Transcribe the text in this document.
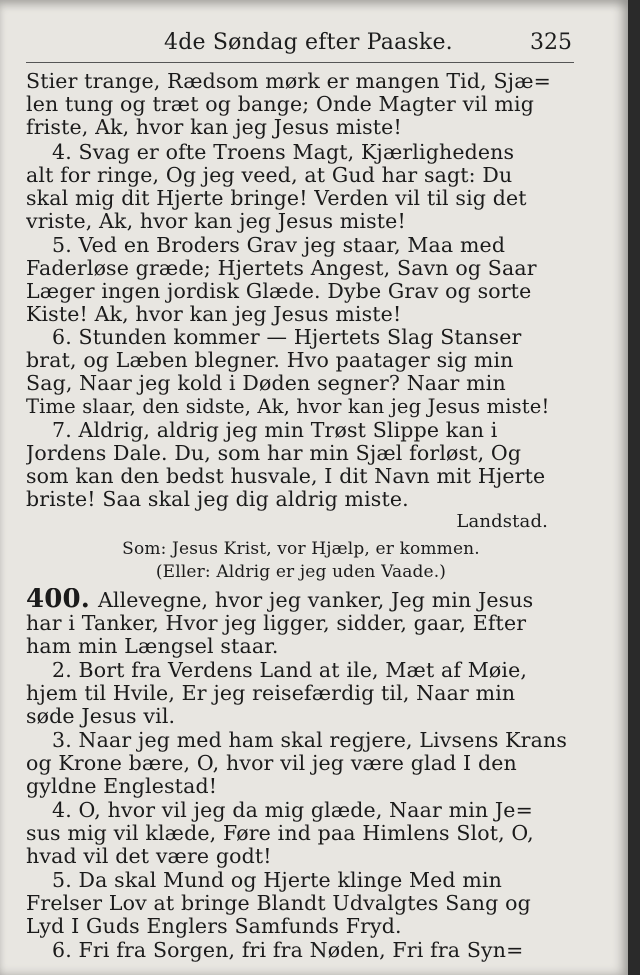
4de Søndag efter Paaske.	325
Stier trange, Rædsom mørk er mangen Tid, Sjæ=
len tung og træt og bange; Onde Magter vil mig
friste, Ak, hvor kan jeg Jesus miste!
4. Svag er ofte Troens Magt, Kjærlighedens
alt for ringe, Og jeg veed, at Gud har sagt: Du
skal mig dit Hjerte bringe! Verden vil til sig det
vriste, Ak, hvor kan jeg Jesus miste!
5. Ved en Broders Grav jeg staar, Maa med
Faderløse græde; Hjertets Angest, Savn og Saar
Læger ingen jordisk Glæde. Dybe Grav og sorte
Kiste! Ak, hvor kan jeg Jesus miste!
6. Stunden kommer — Hjertets Slag Stanser
brat, og Læben blegner. Hvo paatager sig min
Sag, Naar jeg kold i Døden segner? Naar min
Time slaar, den sidste, Ak, hvor kan jeg Jesus miste!
7. Aldrig, aldrig jeg min Trøst Slippe kan i
Jordens Dale. Du, som har min Sjæl forløst, Og
som kan den bedst husvale, I dit Navn mit Hjerte
briste! Saa skal jeg dig aldrig miste.
Landstad.
Som: Jesus Krist, vor Hjælp, er kommen.
(Eller: Aldrig er jeg uden Vaade.)
400. Allevegne, hvor jeg vanker, Jeg min Jesus
har i Tanker, Hvor jeg ligger, sidder, gaar, Efter
ham min Længsel staar.
2. Bort fra Verdens Land at ile, Mæt af Møie,
hjem til Hvile, Er jeg reisefærdig til, Naar min
søde Jesus vil.
3. Naar jeg med ham skal regjere, Livsens Krans
og Krone bære, O, hvor vil jeg være glad I den
gyldne Englestad!
4. O, hvor vil jeg da mig glæde, Naar min Je=
sus mig vil klæde, Føre ind paa Himlens Slot, O,
hvad vil det være godt!
5. Da skal Mund og Hjerte klinge Med min
Frelser Lov at bringe Blandt Udvalgtes Sang og
Lyd I Guds Englers Samfunds Fryd.
6. Fri fra Sorgen, fri fra Nøden, Fri fra Syn=
